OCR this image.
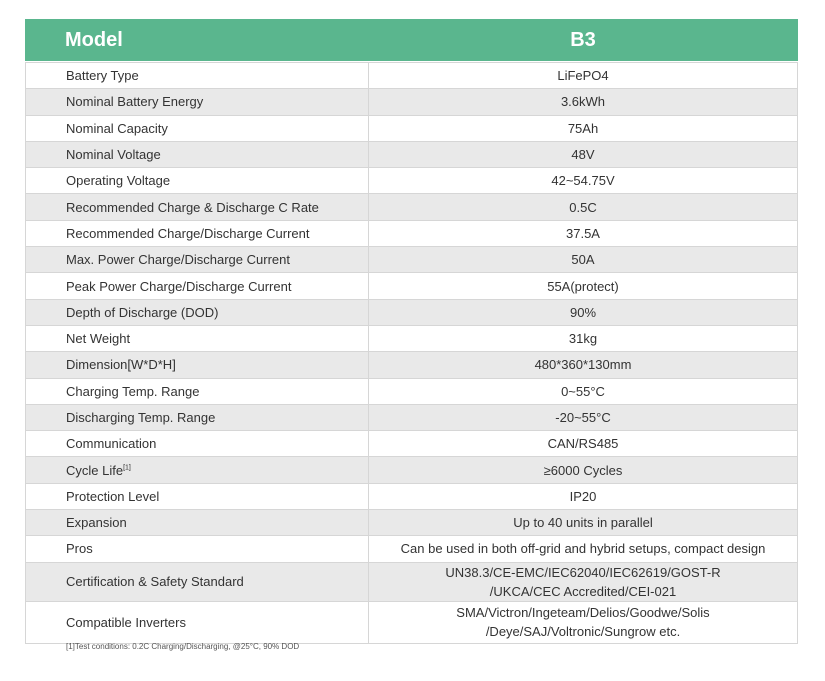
Model	B3
Battery Type	LiFePO4
Nominal Battery Energy	3.6kWh
Nominal Capacity	75Ah
Nominal Voltage	48V
Operating Voltage	42~54.75V
Recommended Charge & Discharge C Rate	0.5C
Recommended Charge/Discharge Current	37.5A
Max. Power Charge/Discharge Current	50A
Peak Power Charge/Discharge Current	55A(protect)
Depth of Discharge (DOD)	90%
Net Weight	31kg
Dimension[W*D*H]	480*360*130mm
Charging Temp. Range	0~55°C
Discharging Temp. Range	-20~55°C
Communication	CAN/RS485
Cycle Life[1]	≥6000 Cycles
Protection Level	IP20
Expansion	Up to 40 units in parallel
Pros	Can be used in both off-grid and hybrid setups, compact design
Certification & Safety Standard	UN38.3/CE-EMC/IEC62040/IEC62619/GOST-R
/UKCA/CEC Accredited/CEI-021

Compatible Inverters	SMA/Victron/Ingeteam/Delios/Goodwe/Solis
/Deye/SAJ/Voltronic/Sungrow etc.
[1]Test conditions: 0.2C Charging/Discharging, @25°C, 90% DOD
